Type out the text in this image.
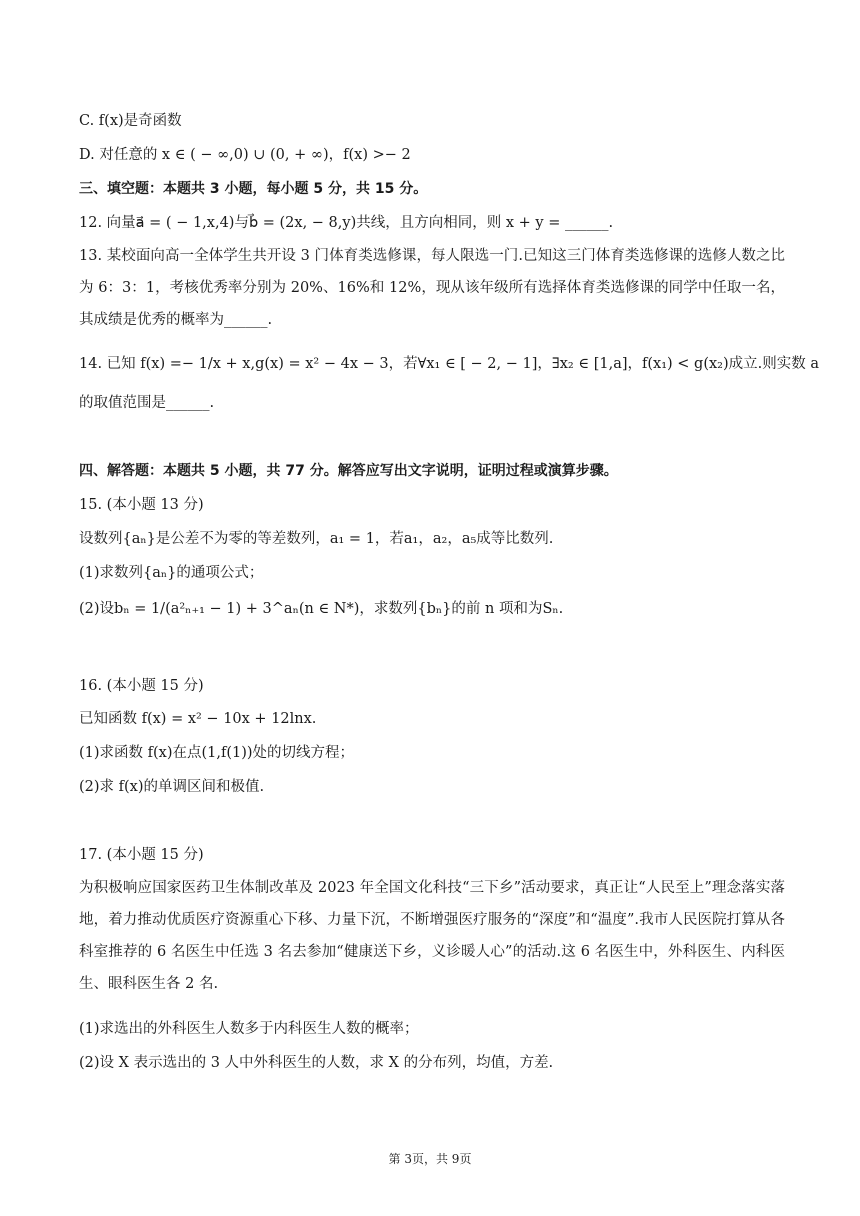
C. f(x)是奇函数
D. 对任意的 x ∈ ( − ∞,0) ∪ (0, + ∞)，f(x) >− 2
三、填空题：本题共 3 小题，每小题 5 分，共 15 分。
12. 向量a⃗ = ( − 1,x,4)与b⃗ = (2x, − 8,y)共线，且方向相同，则 x + y = ______.
13. 某校面向高一全体学生共开设 3 门体育类选修课，每人限选一门.已知这三门体育类选修课的选修人数之比为 6：3：1，考核优秀率分别为 20%、16%和 12%，现从该年级所有选择体育类选修课的同学中任取一名，其成绩是优秀的概率为______.
14. 已知 f(x) =− 1/x + x,g(x) = x² − 4x − 3，若∀x₁ ∈ [ − 2, − 1]，∃x₂ ∈ [1,a]，f(x₁) < g(x₂)成立.则实数 a
的取值范围是______.
四、解答题：本题共 5 小题，共 77 分。解答应写出文字说明，证明过程或演算步骤。
15. (本小题 13 分)
设数列{aₙ}是公差不为零的等差数列，a₁ = 1，若a₁，a₂，a₅成等比数列.
(1)求数列{aₙ}的通项公式；
(2)设bₙ = 1/(a²ₙ₊₁ − 1) + 3^aₙ(n ∈ N*)，求数列{bₙ}的前 n 项和为Sₙ.
16. (本小题 15 分)
已知函数 f(x) = x² − 10x + 12lnx.
(1)求函数 f(x)在点(1,f(1))处的切线方程；
(2)求 f(x)的单调区间和极值.
17. (本小题 15 分)
为积极响应国家医药卫生体制改革及 2023 年全国文化科技“三下乡”活动要求，真正让“人民至上”理念落实落地，着力推动优质医疗资源重心下移、力量下沉，不断增强医疗服务的“深度”和“温度”.我市人民医院打算从各科室推荐的 6 名医生中任选 3 名去参加“健康送下乡，义诊暖人心”的活动.这 6 名医生中，外科医生、内科医生、眼科医生各 2 名.
(1)求选出的外科医生人数多于内科医生人数的概率；
(2)设 X 表示选出的 3 人中外科医生的人数，求 X 的分布列，均值，方差.
第 3页，共 9页
